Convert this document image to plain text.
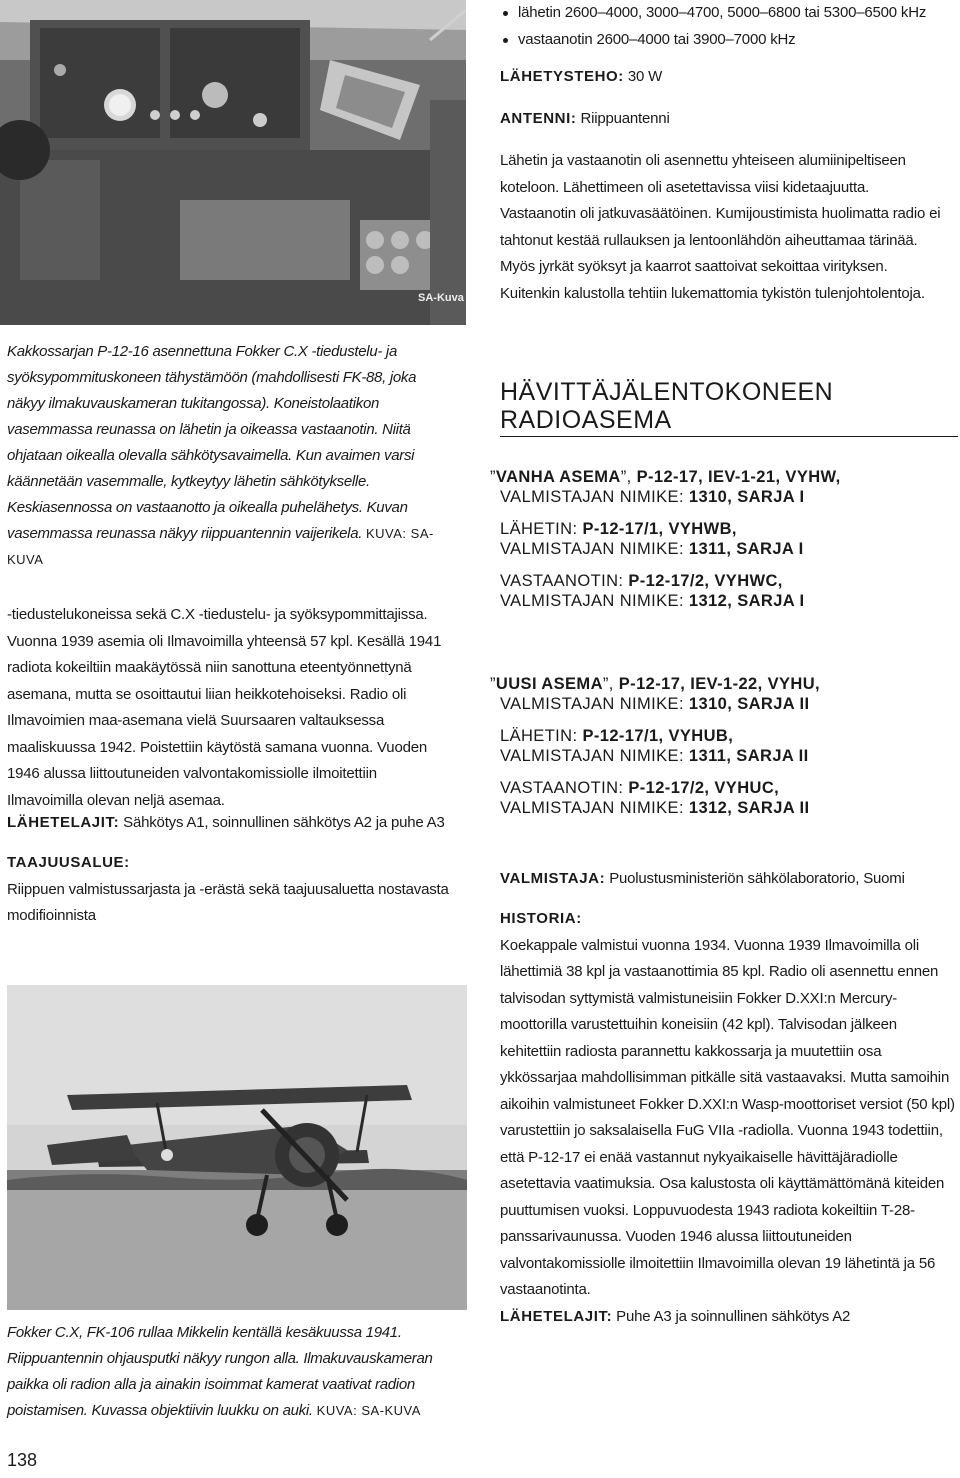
SA-Kuva
Kakkossarjan P-12-16 asennettuna Fokker C.X -tiedustelu- ja syöksypommituskoneen tähystämöön (mahdollisesti FK-88, joka näkyy ilmakuvauskameran tukitangossa). Koneistolaatikon vasemmassa reunassa on lähetin ja oikeassa vastaanotin. Niitä ohjataan oikealla olevalla sähkötysavaimella. Kun avaimen varsi käännetään vasemmalle, kytkeytyy lähetin sähkötykselle. Keskiasennossa on vastaanotto ja oikealla puhelähetys. Kuvan vasemmassa reunassa näkyy riippuantennin vaijerikela. KUVA: SA-KUVA
-tiedustelukoneissa sekä C.X -tiedustelu- ja syöksypommittajissa. Vuonna 1939 asemia oli Ilmavoimilla yhteensä 57 kpl. Kesällä 1941 radiota kokeiltiin maakäytössä niin sanottuna eteentyönnettynä asemana, mutta se osoittautui liian heikkotehoiseksi. Radio oli Ilmavoimien maa-asemana vielä Suursaaren valtauksessa maaliskuussa 1942. Poistettiin käytöstä samana vuonna. Vuoden 1946 alussa liittoutuneiden valvontakomissiolle ilmoitettiin Ilmavoimilla olevan neljä asemaa.
LÄHETELAJIT: Sähkötys A1, soinnullinen sähkötys A2 ja puhe A3
TAAJUUSALUE:
Riippuen valmistussarjasta ja -erästä sekä taajuusaluetta nostavasta modifioinnista
Fokker C.X, FK-106 rullaa Mikkelin kentällä kesäkuussa 1941. Riippuantennin ohjausputki näkyy rungon alla. Ilmakuvauskameran paikka oli radion alla ja ainakin isoimmat kamerat vaativat radion poistamisen. Kuvassa objektiivin luukku on auki. KUVA: SA-KUVA
138
lähetin 2600–4000, 3000–4700, 5000–6800 tai 5300–6500 kHz
vastaanotin 2600–4000 tai 3900–7000 kHz
LÄHETYSTEHO: 30 W
ANTENNI: Riippuantenni
Lähetin ja vastaanotin oli asennettu yhteiseen alumiinipeltiseen koteloon. Lähettimeen oli asetettavissa viisi kidetaajuutta. Vastaanotin oli jatkuvasäätöinen. Kumijoustimista huolimatta radio ei tahtonut kestää rullauksen ja lentoonlähdön aiheuttamaa tärinää. Myös jyrkät syöksyt ja kaarrot saattoivat sekoittaa virityksen. Kuitenkin kalustolla tehtiin lukemattomia tykistön tulenjohtolentoja.
HÄVITTÄJÄLENTOKONEEN
RADIOASEMA
”VANHA ASEMA”, P-12-17, IEV-1-21, VYHW,
VALMISTAJAN NIMIKE: 1310, SARJA I
LÄHETIN: P-12-17/1, VYHWB,
VALMISTAJAN NIMIKE: 1311, SARJA I
VASTAANOTIN: P-12-17/2, VYHWC,
VALMISTAJAN NIMIKE: 1312, SARJA I
”UUSI ASEMA”, P-12-17, IEV-1-22, VYHU,
VALMISTAJAN NIMIKE: 1310, SARJA II
LÄHETIN: P-12-17/1, VYHUB,
VALMISTAJAN NIMIKE: 1311, SARJA II
VASTAANOTIN: P-12-17/2, VYHUC,
VALMISTAJAN NIMIKE: 1312, SARJA II
VALMISTAJA: Puolustusministeriön sähkölaboratorio, Suomi
HISTORIA:
Koekappale valmistui vuonna 1934. Vuonna 1939 Ilmavoimilla oli lähettimiä 38 kpl ja vastaanottimia 85 kpl. Radio oli asennettu ennen talvisodan syttymistä valmistuneisiin Fokker D.XXI:n Mercury-moottorilla varustettuihin koneisiin (42 kpl). Talvisodan jälkeen kehitettiin radiosta parannettu kakkossarja ja muutettiin osa ykkössarjaa mahdollisimman pitkälle sitä vastaavaksi. Mutta samoihin aikoihin valmistuneet Fokker D.XXI:n Wasp-moottoriset versiot (50 kpl) varustettiin jo saksalaisella FuG VIIa -radiolla. Vuonna 1943 todettiin, että P-12-17 ei enää vastannut nykyaikaiselle hävittäjäradiolle asetettavia vaatimuksia. Osa kalustosta oli käyttämättömänä kiteiden puuttumisen vuoksi. Loppuvuodesta 1943 radiota kokeiltiin T-28-panssarivaunussa. Vuoden 1946 alussa liittoutuneiden valvontakomissiolle ilmoitettiin Ilmavoimilla olevan 19 lähetintä ja 56 vastaanotinta.
LÄHETELAJIT: Puhe A3 ja soinnullinen sähkötys A2
